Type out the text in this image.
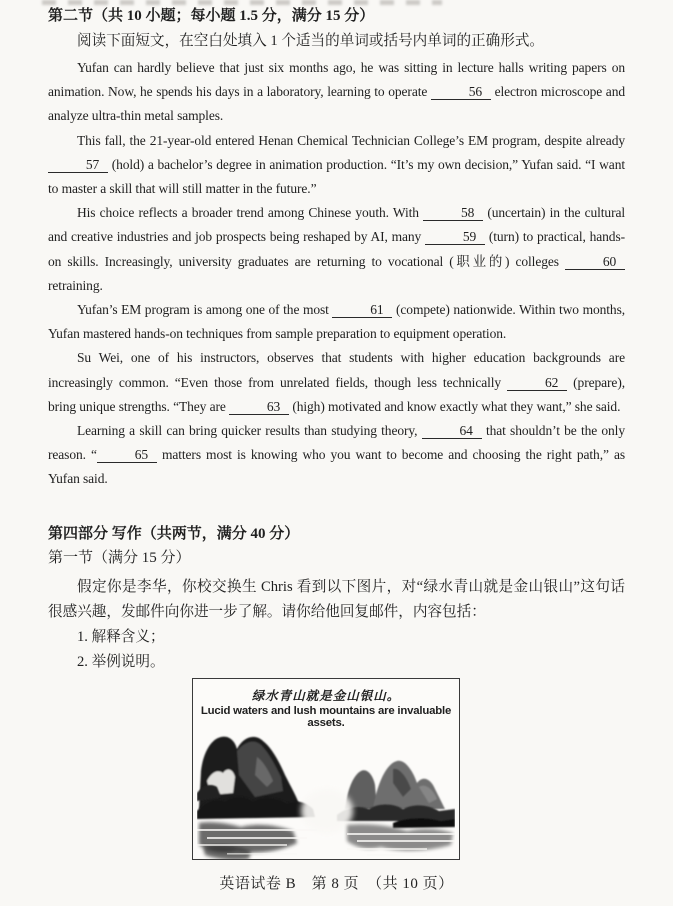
第二节（共 10 小题；每小题 1.5 分，满分 15 分）

阅读下面短文，在空白处填入 1 个适当的单词或括号内单词的正确形式。

Yufan can hardly believe that just six months ago, he was sitting in lecture halls writing papers on animation. Now, he spends his days in a laboratory, learning to operate	56 electron microscope and analyze ultra-thin metal samples.

This fall, the 21-year-old entered Henan Chemical Technician College’s EM program, despite already 57 (hold) a bachelor’s degree in animation production. “It’s my own decision,” Yufan said. “I want to master a skill that will still matter in the future.”

His choice reflects a broader trend among Chinese youth. With	58 (uncertain) in the cultural and creative industries and job prospects being reshaped by AI, many	59 (turn) to practical, hands-on skills. Increasingly, university graduates are returning to vocational (职业的) colleges	60 retraining.

Yufan’s EM program is among one of the most	61 (compete) nationwide. Within two months, Yufan mastered hands-on techniques from sample preparation to equipment operation.

Su Wei, one of his instructors, observes that students with higher education backgrounds are increasingly common. “Even those from unrelated fields, though less technically	62 (prepare), bring unique strengths. “They are	63 (high) motivated and know exactly what they want,” she said.

Learning a skill can bring quicker results than studying theory,	64 that shouldn’t be the only reason. “	65 matters most is knowing who you want to become and choosing the right path,” as Yufan said.

第四部分 写作（共两节，满分 40 分）

第一节（满分 15 分）

假定你是李华，你校交换生 Chris 看到以下图片，对“绿水青山就是金山银山”这句话很感兴趣，发邮件向你进一步了解。请你给他回复邮件，内容包括：

1. 解释含义；
2. 举例说明。
绿水青山就是金山银山。
Lucid waters and lush mountains are invaluable assets.
英语试卷 B　第 8 页　（共 10 页）
